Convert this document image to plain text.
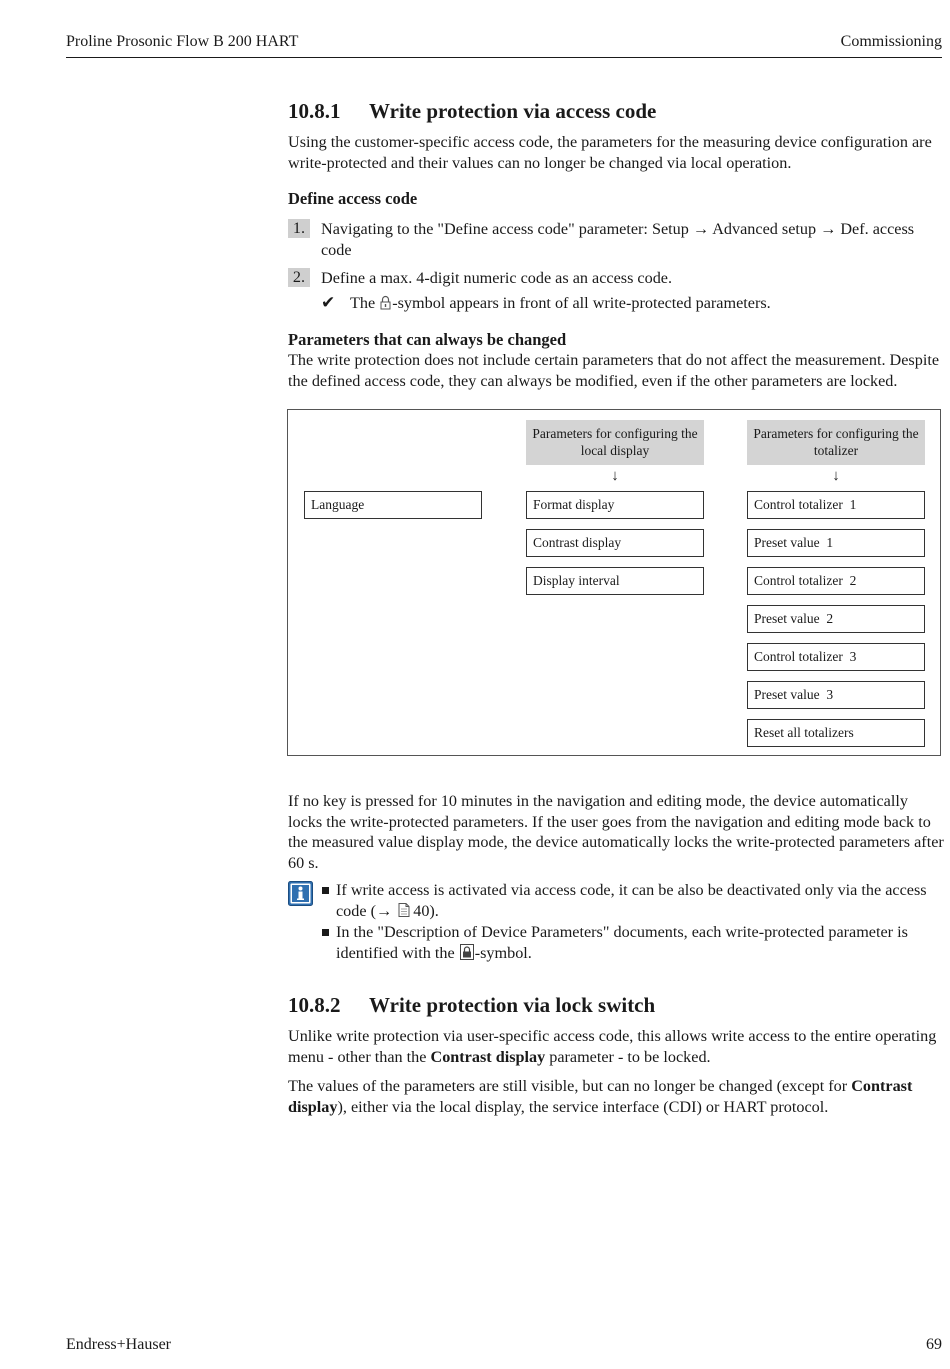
Proline Prosonic Flow B 200 HART	Commissioning
10.8.1 Write protection via access code

Using the customer-specific access code, the parameters for the measuring device configuration are write-protected and their values can no longer be changed via local operation.

Define access code
1. Navigating to the "Define access code" parameter: Setup → Advanced setup → Def. access code
2. Define a max. 4-digit numeric code as an access code.
✔ The -symbol appears in front of all write-protected parameters.
Parameters that can always be changed

The write protection does not include certain parameters that do not affect the measurement. Despite the defined access code, they can always be modified, even if the other parameters are locked.

Parameters for configuring the local display
Parameters for configuring the totalizer
↓	↓
Language	Format display
Contrast display
Display interval
Control totalizer  1
Preset value  1
Control totalizer  2
Preset value  2
Control totalizer  3
Preset value  3
Reset all totalizers

If no key is pressed for 10 minutes in the navigation and editing mode, the device automatically locks the write-protected parameters. If the user goes from the navigation and editing mode back to the measured value display mode, the device automatically locks the write-protected parameters after 60 s.

If write access is activated via access code, it can be also be deactivated only via the access code (→ 40).
In the "Description of Device Parameters" documents, each write-protected parameter is identified with the -symbol.
10.8.2 Write protection via lock switch

Unlike write protection via user-specific access code, this allows write access to the entire operating menu - other than the Contrast display parameter - to be locked.

The values of the parameters are still visible, but can no longer be changed (except for Contrast display), either via the local display, the service interface (CDI) or HART protocol.

Endress+Hauser	69
